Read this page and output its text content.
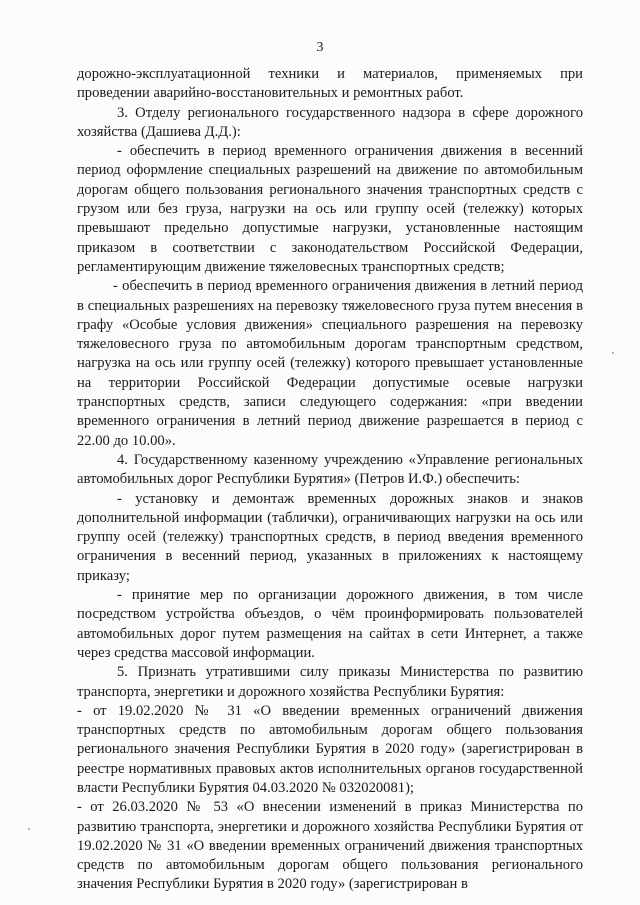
3

дорожно-эксплуатационной техники и материалов, применяемых при проведении аварийно-восстановительных и ремонтных работ.

3. Отделу регионального государственного надзора в сфере дорожного хозяйства (Дашиева Д.Д.):

- обеспечить в период временного ограничения движения в весенний период оформление специальных разрешений на движение по автомобильным дорогам общего пользования регионального значения транспортных средств с грузом или без груза, нагрузки на ось или группу осей (тележку) которых превышают предельно допустимые нагрузки, установленные настоящим приказом в соответствии с законодательством Российской Федерации, регламентирующим движение тяжеловесных транспортных средств;

- обеспечить в период временного ограничения движения в летний период в специальных разрешениях на перевозку тяжеловесного груза путем внесения в графу «Особые условия движения» специального разрешения на перевозку тяжеловесного груза по автомобильным дорогам транспортным средством, нагрузка на ось или группу осей (тележку) которого превышает установленные на территории Российской Федерации допустимые осевые нагрузки транспортных средств, записи следующего содержания: «при введении временного ограничения в летний период движение разрешается в период с 22.00 до 10.00».

4. Государственному казенному учреждению «Управление региональных автомобильных дорог Республики Бурятия» (Петров И.Ф.) обеспечить:

- установку и демонтаж временных дорожных знаков и знаков дополнительной информации (таблички), ограничивающих нагрузки на ось или группу осей (тележку) транспортных средств, в период введения временного ограничения в весенний период, указанных в приложениях к настоящему приказу;

- принятие мер по организации дорожного движения, в том числе посредством устройства объездов, о чём проинформировать пользователей автомобильных дорог путем размещения на сайтах в сети Интернет, а также через средства массовой информации.

5. Признать утратившими силу приказы Министерства по развитию транспорта, энергетики и дорожного хозяйства Республики Бурятия:

- от 19.02.2020 № 31 «О введении временных ограничений движения транспортных средств по автомобильным дорогам общего пользования регионального значения Республики Бурятия в 2020 году» (зарегистрирован в реестре нормативных правовых актов исполнительных органов государственной власти Республики Бурятия 04.03.2020 № 032020081);

- от 26.03.2020 № 53 «О внесении изменений в приказ Министерства по развитию транспорта, энергетики и дорожного хозяйства Республики Бурятия от 19.02.2020 № 31 «О введении временных ограничений движения транспортных средств по автомобильным дорогам общего пользования регионального значения Республики Бурятия в 2020 году» (зарегистрирован в
